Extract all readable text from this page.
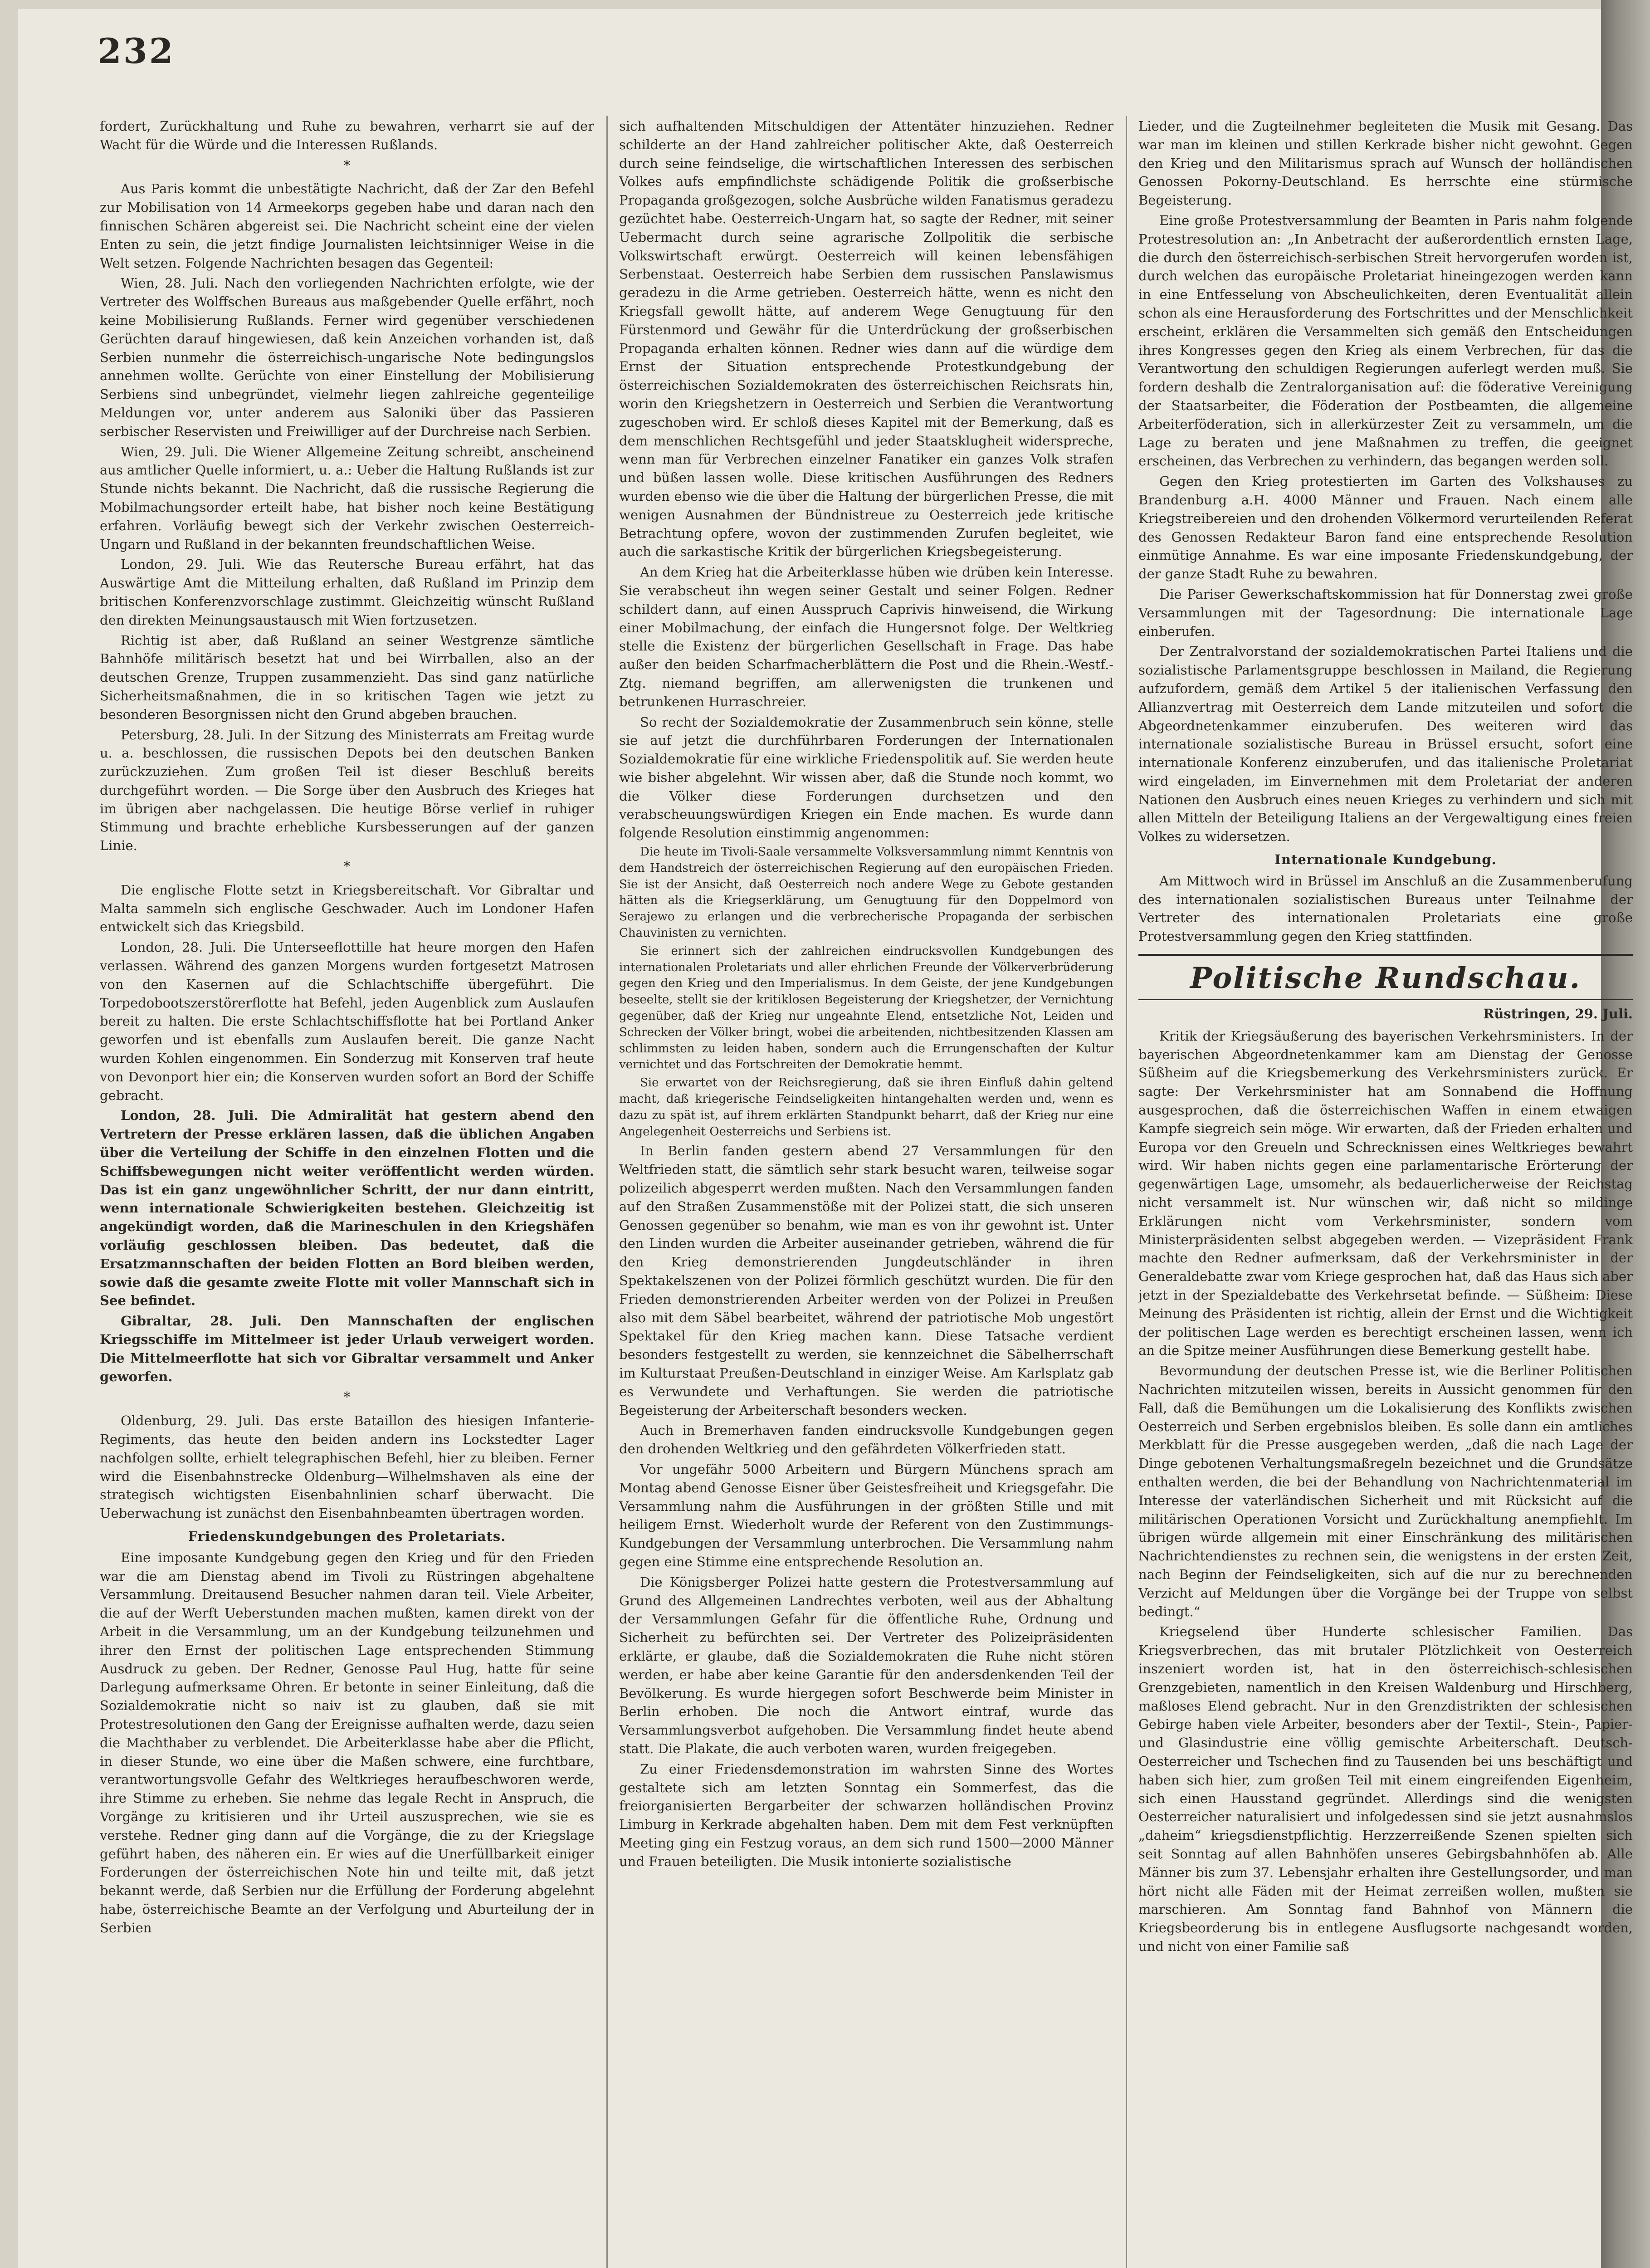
232

fordert, Zurückhaltung und Ruhe zu bewahren, verharrt sie auf der Wacht für die Würde und die Interessen Rußlands.

*

Aus Paris kommt die unbestätigte Nachricht, daß der Zar den Befehl zur Mobilisation von 14 Armeekorps gegeben habe und daran nach den finnischen Schären abgereist sei. Die Nachricht scheint eine der vielen Enten zu sein, die jetzt findige Journalisten leichtsinniger Weise in die Welt setzen. Folgende Nachrichten besagen das Gegenteil:

Wien, 28. Juli. Nach den vorliegenden Nachrichten erfolgte, wie der Vertreter des Wolffschen Bureaus aus maßgebender Quelle erfährt, noch keine Mobilisierung Rußlands. Ferner wird gegenüber verschiedenen Gerüchten darauf hingewiesen, daß kein Anzeichen vorhanden ist, daß Serbien nunmehr die österreichisch-ungarische Note bedingungslos annehmen wollte. Gerüchte von einer Einstellung der Mobilisierung Serbiens sind unbegründet, vielmehr liegen zahlreiche gegenteilige Meldungen vor, unter anderem aus Saloniki über das Passieren serbischer Reservisten und Freiwilliger auf der Durchreise nach Serbien.

Wien, 29. Juli. Die Wiener Allgemeine Zeitung schreibt, anscheinend aus amtlicher Quelle informiert, u. a.: Ueber die Haltung Rußlands ist zur Stunde nichts bekannt. Die Nachricht, daß die russische Regierung die Mobilmachungsorder erteilt habe, hat bisher noch keine Bestätigung erfahren. Vorläufig bewegt sich der Verkehr zwischen Oesterreich-Ungarn und Rußland in der bekannten freundschaftlichen Weise.

London, 29. Juli. Wie das Reutersche Bureau erfährt, hat das Auswärtige Amt die Mitteilung erhalten, daß Rußland im Prinzip dem britischen Konferenzvorschlage zustimmt. Gleichzeitig wünscht Rußland den direkten Meinungsaustausch mit Wien fortzusetzen.

Richtig ist aber, daß Rußland an seiner Westgrenze sämtliche Bahnhöfe militärisch besetzt hat und bei Wirrballen, also an der deutschen Grenze, Truppen zusammenzieht. Das sind ganz natürliche Sicherheitsmaßnahmen, die in so kritischen Tagen wie jetzt zu besonderen Besorgnissen nicht den Grund abgeben brauchen.

Petersburg, 28. Juli. In der Sitzung des Ministerrats am Freitag wurde u. a. beschlossen, die russischen Depots bei den deutschen Banken zurückzuziehen. Zum großen Teil ist dieser Beschluß bereits durchgeführt worden. — Die Sorge über den Ausbruch des Krieges hat im übrigen aber nachgelassen. Die heutige Börse verlief in ruhiger Stimmung und brachte erhebliche Kursbesserungen auf der ganzen Linie.

*

Die englische Flotte setzt in Kriegsbereitschaft. Vor Gibraltar und Malta sammeln sich englische Geschwader. Auch im Londoner Hafen entwickelt sich das Kriegsbild.

London, 28. Juli. Die Unterseeflottille hat heure morgen den Hafen verlassen. Während des ganzen Morgens wurden fortgesetzt Matrosen von den Kasernen auf die Schlachtschiffe übergeführt. Die Torpedobootszerstörerflotte hat Befehl, jeden Augenblick zum Auslaufen bereit zu halten. Die erste Schlachtschiffsflotte hat bei Portland Anker geworfen und ist ebenfalls zum Auslaufen bereit. Die ganze Nacht wurden Kohlen eingenommen. Ein Sonderzug mit Konserven traf heute von Devonport hier ein; die Konserven wurden sofort an Bord der Schiffe gebracht.

London, 28. Juli. Die Admiralität hat gestern abend den Vertretern der Presse erklären lassen, daß die üblichen Angaben über die Verteilung der Schiffe in den einzelnen Flotten und die Schiffsbewegungen nicht weiter veröffentlicht werden würden. Das ist ein ganz ungewöhnlicher Schritt, der nur dann eintritt, wenn internationale Schwierigkeiten bestehen. Gleichzeitig ist angekündigt worden, daß die Marineschulen in den Kriegshäfen vorläufig geschlossen bleiben. Das bedeutet, daß die Ersatzmannschaften der beiden Flotten an Bord bleiben werden, sowie daß die gesamte zweite Flotte mit voller Mannschaft sich in See befindet.

Gibraltar, 28. Juli. Den Mannschaften der englischen Kriegsschiffe im Mittelmeer ist jeder Urlaub verweigert worden. Die Mittelmeerflotte hat sich vor Gibraltar versammelt und Anker geworfen.

*

Oldenburg, 29. Juli. Das erste Bataillon des hiesigen Infanterie-Regiments, das heute den beiden andern ins Lockstedter Lager nachfolgen sollte, erhielt telegraphischen Befehl, hier zu bleiben. Ferner wird die Eisenbahnstrecke Oldenburg—Wilhelmshaven als eine der strategisch wichtigsten Eisenbahnlinien scharf überwacht. Die Ueberwachung ist zunächst den Eisenbahnbeamten übertragen worden.

Friedenskundgebungen des Proletariats.

Eine imposante Kundgebung gegen den Krieg und für den Frieden war die am Dienstag abend im Tivoli zu Rüstringen abgehaltene Versammlung. Dreitausend Besucher nahmen daran teil. Viele Arbeiter, die auf der Werft Ueberstunden machen mußten, kamen direkt von der Arbeit in die Versammlung, um an der Kundgebung teilzunehmen und ihrer den Ernst der politischen Lage entsprechenden Stimmung Ausdruck zu geben. Der Redner, Genosse Paul Hug, hatte für seine Darlegung aufmerksame Ohren. Er betonte in seiner Einleitung, daß die Sozialdemokratie nicht so naiv ist zu glauben, daß sie mit Protestresolutionen den Gang der Ereignisse aufhalten werde, dazu seien die Machthaber zu verblendet. Die Arbeiterklasse habe aber die Pflicht, in dieser Stunde, wo eine über die Maßen schwere, eine furchtbare, verantwortungsvolle Gefahr des Weltkrieges heraufbeschworen werde, ihre Stimme zu erheben. Sie nehme das legale Recht in Anspruch, die Vorgänge zu kritisieren und ihr Urteil auszusprechen, wie sie es verstehe. Redner ging dann auf die Vorgänge, die zu der Kriegslage geführt haben, des näheren ein. Er wies auf die Unerfüllbarkeit einiger Forderungen der österreichischen Note hin und teilte mit, daß jetzt bekannt werde, daß Serbien nur die Erfüllung der Forderung abgelehnt habe, österreichische Beamte an der Verfolgung und Aburteilung der in Serbien

sich aufhaltenden Mitschuldigen der Attentäter hinzuziehen. Redner schilderte an der Hand zahlreicher politischer Akte, daß Oesterreich durch seine feindselige, die wirtschaftlichen Interessen des serbischen Volkes aufs empfindlichste schädigende Politik die großserbische Propaganda großgezogen, solche Ausbrüche wilden Fanatismus geradezu gezüchtet habe. Oesterreich-Ungarn hat, so sagte der Redner, mit seiner Uebermacht durch seine agrarische Zollpolitik die serbische Volkswirtschaft erwürgt. Oesterreich will keinen lebensfähigen Serbenstaat. Oesterreich habe Serbien dem russischen Panslawismus geradezu in die Arme getrieben. Oesterreich hätte, wenn es nicht den Kriegsfall gewollt hätte, auf anderem Wege Genugtuung für den Fürstenmord und Gewähr für die Unterdrückung der großserbischen Propaganda erhalten können. Redner wies dann auf die würdige dem Ernst der Situation entsprechende Protestkundgebung der österreichischen Sozialdemokraten des österreichischen Reichsrats hin, worin den Kriegshetzern in Oesterreich und Serbien die Verantwortung zugeschoben wird. Er schloß dieses Kapitel mit der Bemerkung, daß es dem menschlichen Rechtsgefühl und jeder Staatsklugheit widerspreche, wenn man für Verbrechen einzelner Fanatiker ein ganzes Volk strafen und büßen lassen wolle. Diese kritischen Ausführungen des Redners wurden ebenso wie die über die Haltung der bürgerlichen Presse, die mit wenigen Ausnahmen der Bündnistreue zu Oesterreich jede kritische Betrachtung opfere, wovon der zustimmenden Zurufen begleitet, wie auch die sarkastische Kritik der bürgerlichen Kriegsbegeisterung.

An dem Krieg hat die Arbeiterklasse hüben wie drüben kein Interesse. Sie verabscheut ihn wegen seiner Gestalt und seiner Folgen. Redner schildert dann, auf einen Ausspruch Caprivis hinweisend, die Wirkung einer Mobilmachung, der einfach die Hungersnot folge. Der Weltkrieg stelle die Existenz der bürgerlichen Gesellschaft in Frage. Das habe außer den beiden Scharfmacherblättern die Post und die Rhein.-Westf.-Ztg. niemand begriffen, am allerwenigsten die trunkenen und betrunkenen Hurraschreier.

So recht der Sozialdemokratie der Zusammenbruch sein könne, stelle sie auf jetzt die durchführbaren Forderungen der Internationalen Sozialdemokratie für eine wirkliche Friedenspolitik auf. Sie werden heute wie bisher abgelehnt. Wir wissen aber, daß die Stunde noch kommt, wo die Völker diese Forderungen durchsetzen und den verabscheuungswürdigen Kriegen ein Ende machen. Es wurde dann folgende Resolution einstimmig angenommen:

Die heute im Tivoli-Saale versammelte Volksversammlung nimmt Kenntnis von dem Handstreich der österreichischen Regierung auf den europäischen Frieden. Sie ist der Ansicht, daß Oesterreich noch andere Wege zu Gebote gestanden hätten als die Kriegserklärung, um Genugtuung für den Doppelmord von Serajewo zu erlangen und die verbrecherische Propaganda der serbischen Chauvinisten zu vernichten.

Sie erinnert sich der zahlreichen eindrucksvollen Kundgebungen des internationalen Proletariats und aller ehrlichen Freunde der Völkerverbrüderung gegen den Krieg und den Imperialismus. In dem Geiste, der jene Kundgebungen beseelte, stellt sie der kritiklosen Begeisterung der Kriegshetzer, der Vernichtung gegenüber, daß der Krieg nur ungeahnte Elend, entsetzliche Not, Leiden und Schrecken der Völker bringt, wobei die arbeitenden, nichtbesitzenden Klassen am schlimmsten zu leiden haben, sondern auch die Errungenschaften der Kultur vernichtet und das Fortschreiten der Demokratie hemmt.

Sie erwartet von der Reichsregierung, daß sie ihren Einfluß dahin geltend macht, daß kriegerische Feindseligkeiten hintangehalten werden und, wenn es dazu zu spät ist, auf ihrem erklärten Standpunkt beharrt, daß der Krieg nur eine Angelegenheit Oesterreichs und Serbiens ist.

In Berlin fanden gestern abend 27 Versammlungen für den Weltfrieden statt, die sämtlich sehr stark besucht waren, teilweise sogar polizeilich abgesperrt werden mußten. Nach den Versammlungen fanden auf den Straßen Zusammenstöße mit der Polizei statt, die sich unseren Genossen gegenüber so benahm, wie man es von ihr gewohnt ist. Unter den Linden wurden die Arbeiter auseinander getrieben, während die für den Krieg demonstrierenden Jungdeutschländer in ihren Spektakelszenen von der Polizei förmlich geschützt wurden. Die für den Frieden demonstrierenden Arbeiter werden von der Polizei in Preußen also mit dem Säbel bearbeitet, während der patriotische Mob ungestört Spektakel für den Krieg machen kann. Diese Tatsache verdient besonders festgestellt zu werden, sie kennzeichnet die Säbelherrschaft im Kulturstaat Preußen-Deutschland in einziger Weise. Am Karlsplatz gab es Verwundete und Verhaftungen. Sie werden die patriotische Begeisterung der Arbeiterschaft besonders wecken.

Auch in Bremerhaven fanden eindrucksvolle Kundgebungen gegen den drohenden Weltkrieg und den gefährdeten Völkerfrieden statt.

Vor ungefähr 5000 Arbeitern und Bürgern Münchens sprach am Montag abend Genosse Eisner über Geistesfreiheit und Kriegsgefahr. Die Versammlung nahm die Ausführungen in der größten Stille und mit heiligem Ernst. Wiederholt wurde der Referent von den Zustimmungs-Kundgebungen der Versammlung unterbrochen. Die Versammlung nahm gegen eine Stimme eine entsprechende Resolution an.

Die Königsberger Polizei hatte gestern die Protestversammlung auf Grund des Allgemeinen Landrechtes verboten, weil aus der Abhaltung der Versammlungen Gefahr für die öffentliche Ruhe, Ordnung und Sicherheit zu befürchten sei. Der Vertreter des Polizeipräsidenten erklärte, er glaube, daß die Sozialdemokraten die Ruhe nicht stören werden, er habe aber keine Garantie für den andersdenkenden Teil der Bevölkerung. Es wurde hiergegen sofort Beschwerde beim Minister in Berlin erhoben. Die noch die Antwort eintraf, wurde das Versammlungsverbot aufgehoben. Die Versammlung findet heute abend statt. Die Plakate, die auch verboten waren, wurden freigegeben.

Zu einer Friedensdemonstration im wahrsten Sinne des Wortes gestaltete sich am letzten Sonntag ein Sommerfest, das die freiorganisierten Bergarbeiter der schwarzen holländischen Provinz Limburg in Kerkrade abgehalten haben. Dem mit dem Fest verknüpften Meeting ging ein Festzug voraus, an dem sich rund 1500—2000 Männer und Frauen beteiligten. Die Musik intonierte sozialistische

Lieder, und die Zugteilnehmer begleiteten die Musik mit Gesang. Das war man im kleinen und stillen Kerkrade bisher nicht gewohnt. Gegen den Krieg und den Militarismus sprach auf Wunsch der holländischen Genossen Pokorny-Deutschland. Es herrschte eine stürmische Begeisterung.

Eine große Protestversammlung der Beamten in Paris nahm folgende Protestresolution an: „In Anbetracht der außerordentlich ernsten Lage, die durch den österreichisch-serbischen Streit hervorgerufen worden ist, durch welchen das europäische Proletariat hineingezogen werden kann in eine Entfesselung von Abscheulichkeiten, deren Eventualität allein schon als eine Herausforderung des Fortschrittes und der Menschlichkeit erscheint, erklären die Versammelten sich gemäß den Entscheidungen ihres Kongresses gegen den Krieg als einem Verbrechen, für das die Verantwortung den schuldigen Regierungen auferlegt werden muß. Sie fordern deshalb die Zentralorganisation auf: die föderative Vereinigung der Staatsarbeiter, die Föderation der Postbeamten, die allgemeine Arbeiterföderation, sich in allerkürzester Zeit zu versammeln, um die Lage zu beraten und jene Maßnahmen zu treffen, die geeignet erscheinen, das Verbrechen zu verhindern, das begangen werden soll.

Gegen den Krieg protestierten im Garten des Volkshauses zu Brandenburg a.H. 4000 Männer und Frauen. Nach einem alle Kriegstreibereien und den drohenden Völkermord verurteilenden Referat des Genossen Redakteur Baron fand eine entsprechende Resolution einmütige Annahme. Es war eine imposante Friedenskundgebung, der der ganze Stadt Ruhe zu bewahren.

Die Pariser Gewerkschaftskommission hat für Donnerstag zwei große Versammlungen mit der Tagesordnung: Die internationale Lage einberufen.

Der Zentralvorstand der sozialdemokratischen Partei Italiens und die sozialistische Parlamentsgruppe beschlossen in Mailand, die Regierung aufzufordern, gemäß dem Artikel 5 der italienischen Verfassung den Allianzvertrag mit Oesterreich dem Lande mitzuteilen und sofort die Abgeordnetenkammer einzuberufen. Des weiteren wird das internationale sozialistische Bureau in Brüssel ersucht, sofort eine internationale Konferenz einzuberufen, und das italienische Proletariat wird eingeladen, im Einvernehmen mit dem Proletariat der anderen Nationen den Ausbruch eines neuen Krieges zu verhindern und sich mit allen Mitteln der Beteiligung Italiens an der Vergewaltigung eines freien Volkes zu widersetzen.

Internationale Kundgebung.

Am Mittwoch wird in Brüssel im Anschluß an die Zusammenberufung des internationalen sozialistischen Bureaus unter Teilnahme der Vertreter des internationalen Proletariats eine große Protestversammlung gegen den Krieg stattfinden.

Politische Rundschau.
Rüstringen, 29. Juli.

Kritik der Kriegsäußerung des bayerischen Verkehrsministers. In der bayerischen Abgeordnetenkammer kam am Dienstag der Genosse Süßheim auf die Kriegsbemerkung des Verkehrsministers zurück. Er sagte: Der Verkehrsminister hat am Sonnabend die Hoffnung ausgesprochen, daß die österreichischen Waffen in einem etwaigen Kampfe siegreich sein möge. Wir erwarten, daß der Frieden erhalten und Europa vor den Greueln und Schrecknissen eines Weltkrieges bewahrt wird. Wir haben nichts gegen eine parlamentarische Erörterung der gegenwärtigen Lage, umsomehr, als bedauerlicherweise der Reichstag nicht versammelt ist. Nur wünschen wir, daß nicht so mildinge Erklärungen nicht vom Verkehrsminister, sondern vom Ministerpräsidenten selbst abgegeben werden. — Vizepräsident Frank machte den Redner aufmerksam, daß der Verkehrsminister in der Generaldebatte zwar vom Kriege gesprochen hat, daß das Haus sich aber jetzt in der Spezialdebatte des Verkehrsetat befinde. — Süßheim: Diese Meinung des Präsidenten ist richtig, allein der Ernst und die Wichtigkeit der politischen Lage werden es berechtigt erscheinen lassen, wenn ich an die Spitze meiner Ausführungen diese Bemerkung gestellt habe.

Bevormundung der deutschen Presse ist, wie die Berliner Politischen Nachrichten mitzuteilen wissen, bereits in Aussicht genommen für den Fall, daß die Bemühungen um die Lokalisierung des Konflikts zwischen Oesterreich und Serben ergebnislos bleiben. Es solle dann ein amtliches Merkblatt für die Presse ausgegeben werden, „daß die nach Lage der Dinge gebotenen Verhaltungsmaßregeln bezeichnet und die Grundsätze enthalten werden, die bei der Behandlung von Nachrichtenmaterial im Interesse der vaterländischen Sicherheit und mit Rücksicht auf die militärischen Operationen Vorsicht und Zurückhaltung anempfiehlt. Im übrigen würde allgemein mit einer Einschränkung des militärischen Nachrichtendienstes zu rechnen sein, die wenigstens in der ersten Zeit, nach Beginn der Feindseligkeiten, sich auf die nur zu berechnenden Verzicht auf Meldungen über die Vorgänge bei der Truppe von selbst bedingt.“

Kriegselend über Hunderte schlesischer Familien. Das Kriegsverbrechen, das mit brutaler Plötzlichkeit von Oesterreich inszeniert worden ist, hat in den österreichisch-schlesischen Grenzgebieten, namentlich in den Kreisen Waldenburg und Hirschberg, maßloses Elend gebracht. Nur in den Grenzdistrikten der schlesischen Gebirge haben viele Arbeiter, besonders aber der Textil-, Stein-, Papier- und Glasindustrie eine völlig gemischte Arbeiterschaft. Deutsch-Oesterreicher und Tschechen find zu Tausenden bei uns beschäftigt und haben sich hier, zum großen Teil mit einem eingreifenden Eigenheim, sich einen Hausstand gegründet. Allerdings sind die wenigsten Oesterreicher naturalisiert und infolgedessen sind sie jetzt ausnahmslos „daheim“ kriegsdienstpflichtig. Herzzerreißende Szenen spielten sich seit Sonntag auf allen Bahnhöfen unseres Gebirgsbahnhöfen ab. Alle Männer bis zum 37. Lebensjahr erhalten ihre Gestellungsorder, und man hört nicht alle Fäden mit der Heimat zerreißen wollen, mußten sie marschieren. Am Sonntag fand Bahnhof von Männern die Kriegsbeorderung bis in entlegene Ausflugsorte nachgesandt worden, und nicht von einer Familie saß
